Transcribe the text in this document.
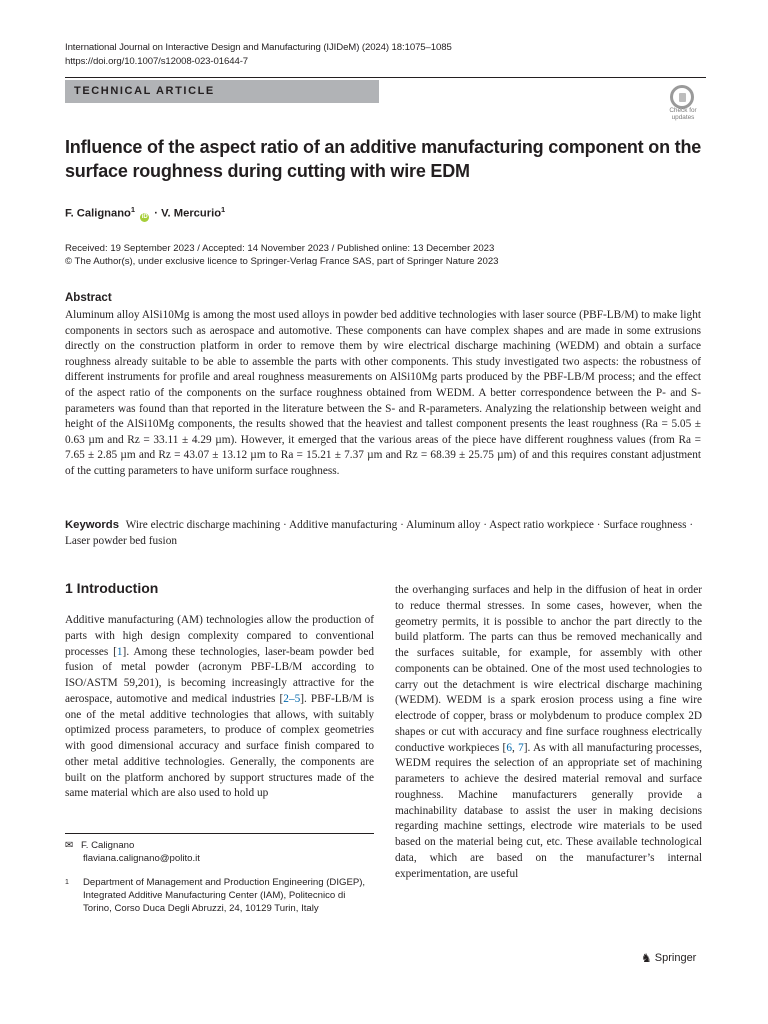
International Journal on Interactive Design and Manufacturing (IJIDeM) (2024) 18:1075–1085
https://doi.org/10.1007/s12008-023-01644-7
TECHNICAL ARTICLE
Check for updates
Influence of the aspect ratio of an additive manufacturing component on the surface roughness during cutting with wire EDM
F. Calignano$^1$ iD · V. Mercurio$^1$
Received: 19 September 2023 / Accepted: 14 November 2023 / Published online: 13 December 2023
© The Author(s), under exclusive licence to Springer-Verlag France SAS, part of Springer Nature 2023
Abstract
Aluminum alloy AlSi10Mg is among the most used alloys in powder bed additive technologies with laser source (PBF-LB/M) to make light components in sectors such as aerospace and automotive. These components can have complex shapes and are made in some extrusions directly on the construction platform in order to remove them by wire electrical discharge machining (WEDM) and obtain a surface roughness already suitable to be able to assemble the parts with other components. This study investigated two aspects: the robustness of different instruments for profile and areal roughness measurements on AlSi10Mg parts produced by the PBF-LB/M process; and the effect of the aspect ratio of the components on the surface roughness obtained from WEDM. A better correspondence between the P- and S-parameters was found than that reported in the literature between the S- and R-parameters. Analyzing the relationship between weight and height of the AlSi10Mg components, the results showed that the heaviest and tallest component presents the least roughness (Ra = 5.05 ± 0.63 µm and Rz = 33.11 ± 4.29 µm). However, it emerged that the various areas of the piece have different roughness values (from Ra = 7.65 ± 2.85 µm and Rz = 43.07 ± 13.12 µm to Ra = 15.21 ± 7.37 µm and Rz = 68.39 ± 25.75 µm) of and this requires constant adjustment of the cutting parameters to have uniform surface roughness.
Keywords Wire electric discharge machining · Additive manufacturing · Aluminum alloy · Aspect ratio workpiece · Surface roughness · Laser powder bed fusion
1 Introduction
Additive manufacturing (AM) technologies allow the production of parts with high design complexity compared to conventional processes [1]. Among these technologies, laser-beam powder bed fusion of metal powder (acronym PBF-LB/M according to ISO/ASTM 59,201), is becoming increasingly attractive for the aerospace, automotive and medical industries [2–5]. PBF-LB/M is one of the metal additive technologies that allows, with suitably optimized process parameters, to produce of complex geometries with good dimensional accuracy and surface finish compared to other metal additive technologies. Generally, the components are built on the platform anchored by support structures made of the same material which are also used to hold up
the overhanging surfaces and help in the diffusion of heat in order to reduce thermal stresses. In some cases, however, when the geometry permits, it is possible to anchor the part directly to the build platform. The parts can thus be removed mechanically and the surfaces suitable, for example, for assembly with other components can be obtained. One of the most used technologies to carry out the detachment is wire electrical discharge machining (WEDM). WEDM is a spark erosion process using a fine wire electrode of copper, brass or molybdenum to produce complex 2D shapes or cut with accuracy and fine surface roughness electrically conductive workpieces [6, 7]. As with all manufacturing processes, WEDM requires the selection of an appropriate set of machining parameters to achieve the desired material removal and surface roughness. Machine manufacturers generally provide a machinability database to assist the user in making decisions regarding machine settings, electrode wire materials to be used based on the material being cut, etc. These available technological data, which are based on the manufacturer’s internal experimentation, are useful
✉ F. Calignano
flaviana.calignano@polito.it
1 Department of Management and Production Engineering (DIGEP), Integrated Additive Manufacturing Center (IAM), Politecnico di Torino, Corso Duca Degli Abruzzi, 24, 10129 Turin, Italy
♞ Springer
